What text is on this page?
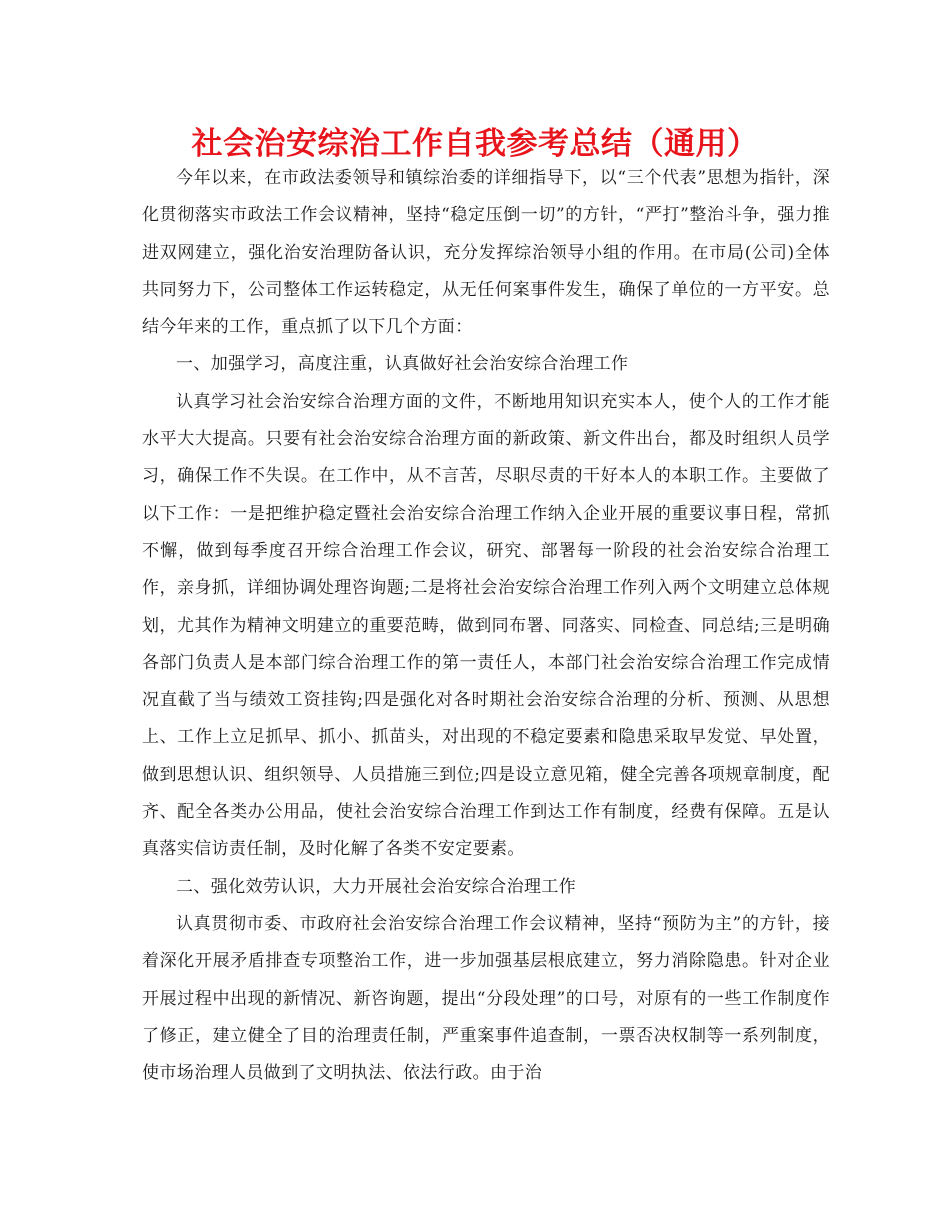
社会治安综治工作自我参考总结（通用）

今年以来，在市政法委领导和镇综治委的详细指导下，以“三个代表”思想为指针，深化贯彻落实市政法工作会议精神，坚持“稳定压倒一切”的方针，“严打”整治斗争，强力推进双网建立，强化治安治理防备认识，充分发挥综治领导小组的作用。在市局(公司)全体共同努力下，公司整体工作运转稳定，从无任何案事件发生，确保了单位的一方平安。总结今年来的工作，重点抓了以下几个方面：

一、加强学习，高度注重，认真做好社会治安综合治理工作

认真学习社会治安综合治理方面的文件，不断地用知识充实本人，使个人的工作才能水平大大提高。只要有社会治安综合治理方面的新政策、新文件出台，都及时组织人员学习，确保工作不失误。在工作中，从不言苦，尽职尽责的干好本人的本职工作。主要做了以下工作：一是把维护稳定暨社会治安综合治理工作纳入企业开展的重要议事日程，常抓不懈，做到每季度召开综合治理工作会议，研究、部署每一阶段的社会治安综合治理工作，亲身抓，详细协调处理咨询题;二是将社会治安综合治理工作列入两个文明建立总体规划，尤其作为精神文明建立的重要范畴，做到同布署、同落实、同检查、同总结;三是明确各部门负责人是本部门综合治理工作的第一责任人，本部门社会治安综合治理工作完成情况直截了当与绩效工资挂钩;四是强化对各时期社会治安综合治理的分析、预测、从思想上、工作上立足抓早、抓小、抓苗头，对出现的不稳定要素和隐患采取早发觉、早处置，做到思想认识、组织领导、人员措施三到位;四是设立意见箱，健全完善各项规章制度，配齐、配全各类办公用品，使社会治安综合治理工作到达工作有制度，经费有保障。五是认真落实信访责任制，及时化解了各类不安定要素。

二、强化效劳认识，大力开展社会治安综合治理工作

认真贯彻市委、市政府社会治安综合治理工作会议精神，坚持“预防为主”的方针，接着深化开展矛盾排查专项整治工作，进一步加强基层根底建立，努力消除隐患。针对企业开展过程中出现的新情况、新咨询题，提出“分段处理”的口号，对原有的一些工作制度作了修正，建立健全了目的治理责任制，严重案事件追查制，一票否决权制等一系列制度，使市场治理人员做到了文明执法、依法行政。由于治
